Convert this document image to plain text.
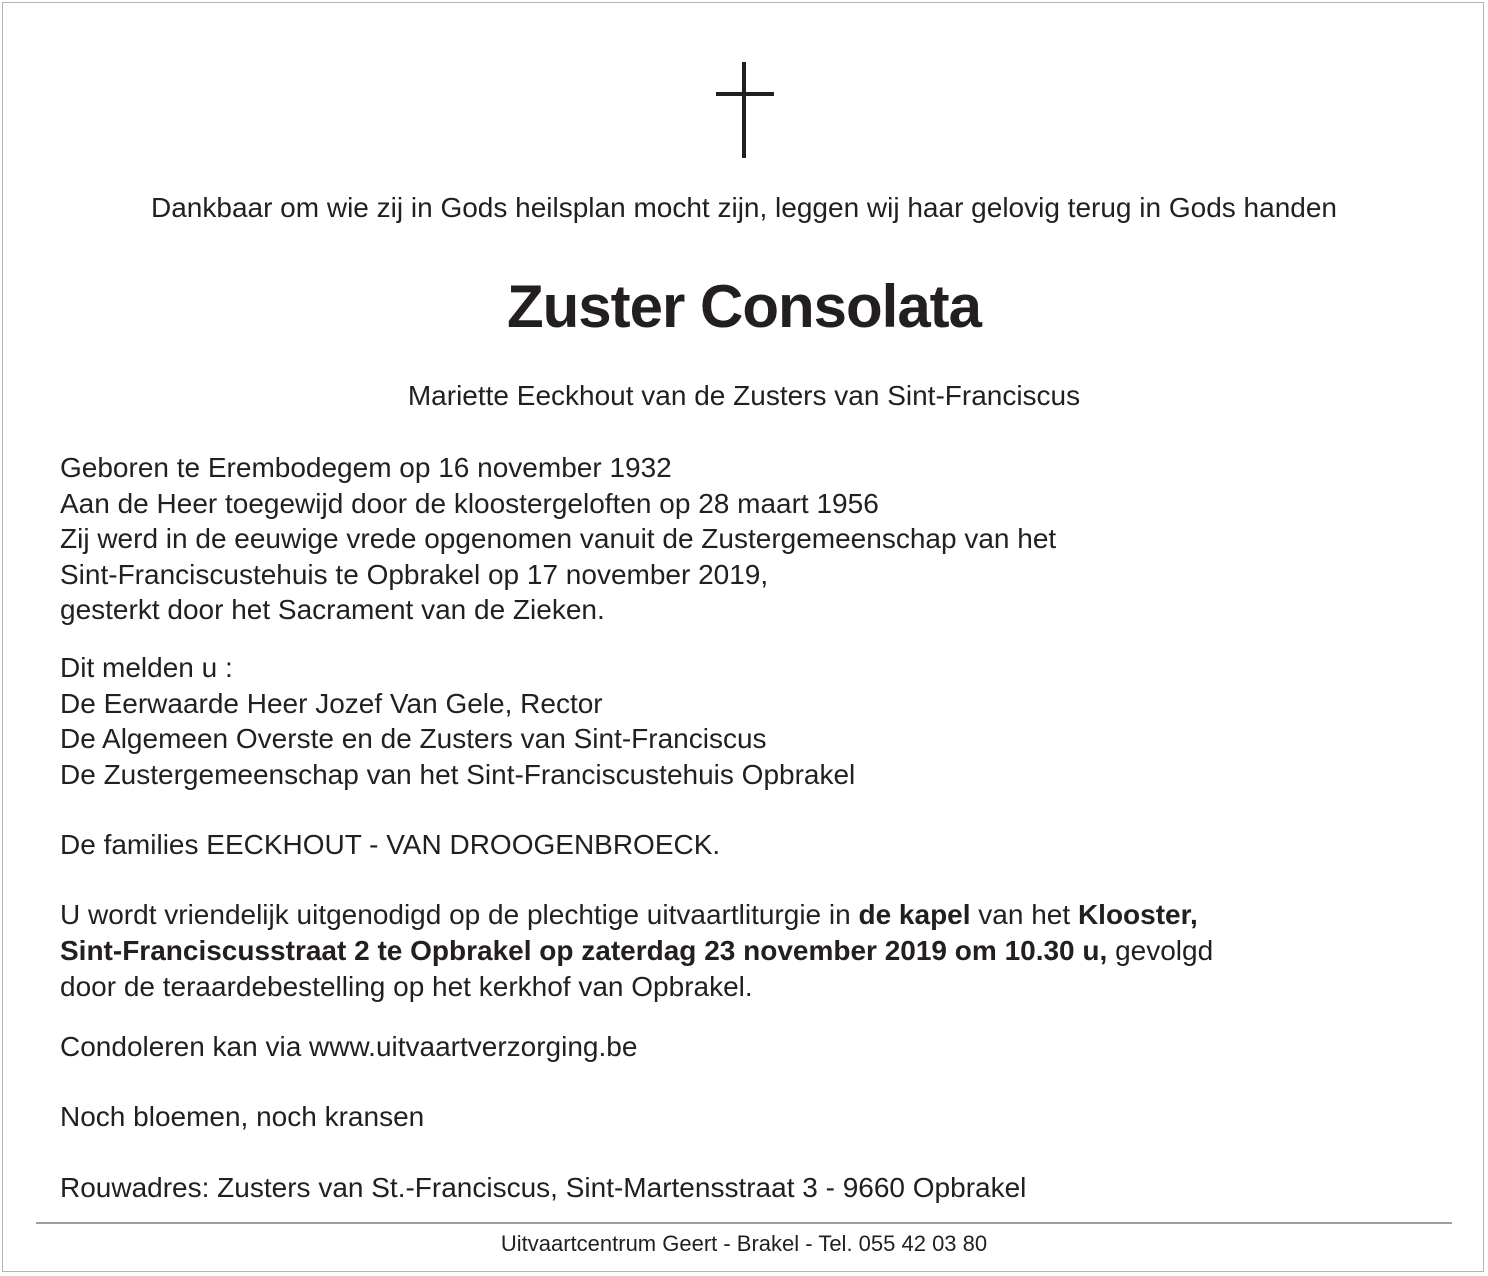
Dankbaar om wie zij in Gods heilsplan mocht zijn, leggen wij haar gelovig terug in Gods handen
Zuster Consolata
Mariette Eeckhout van de Zusters van Sint-Franciscus
Geboren te Erembodegem op 16 november 1932
Aan de Heer toegewijd door de kloostergeloften op 28 maart 1956
Zij werd in de eeuwige vrede opgenomen vanuit de Zustergemeenschap van het
Sint-Franciscustehuis te Opbrakel op 17 november 2019,
gesterkt door het Sacrament van de Zieken.
Dit melden u :
De Eerwaarde Heer Jozef Van Gele, Rector
De Algemeen Overste en de Zusters van Sint-Franciscus
De Zustergemeenschap van het Sint-Franciscustehuis Opbrakel
De families EECKHOUT - VAN DROOGENBROECK.
U wordt vriendelijk uitgenodigd op de plechtige uitvaartliturgie in de kapel van het Klooster,
Sint-Franciscusstraat 2 te Opbrakel op zaterdag 23 november 2019 om 10.30 u, gevolgd
door de teraardebestelling op het kerkhof van Opbrakel.
Condoleren kan via www.uitvaartverzorging.be
Noch bloemen, noch kransen
Rouwadres: Zusters van St.-Franciscus, Sint-Martensstraat 3 - 9660 Opbrakel
Uitvaartcentrum Geert - Brakel - Tel. 055 42 03 80
